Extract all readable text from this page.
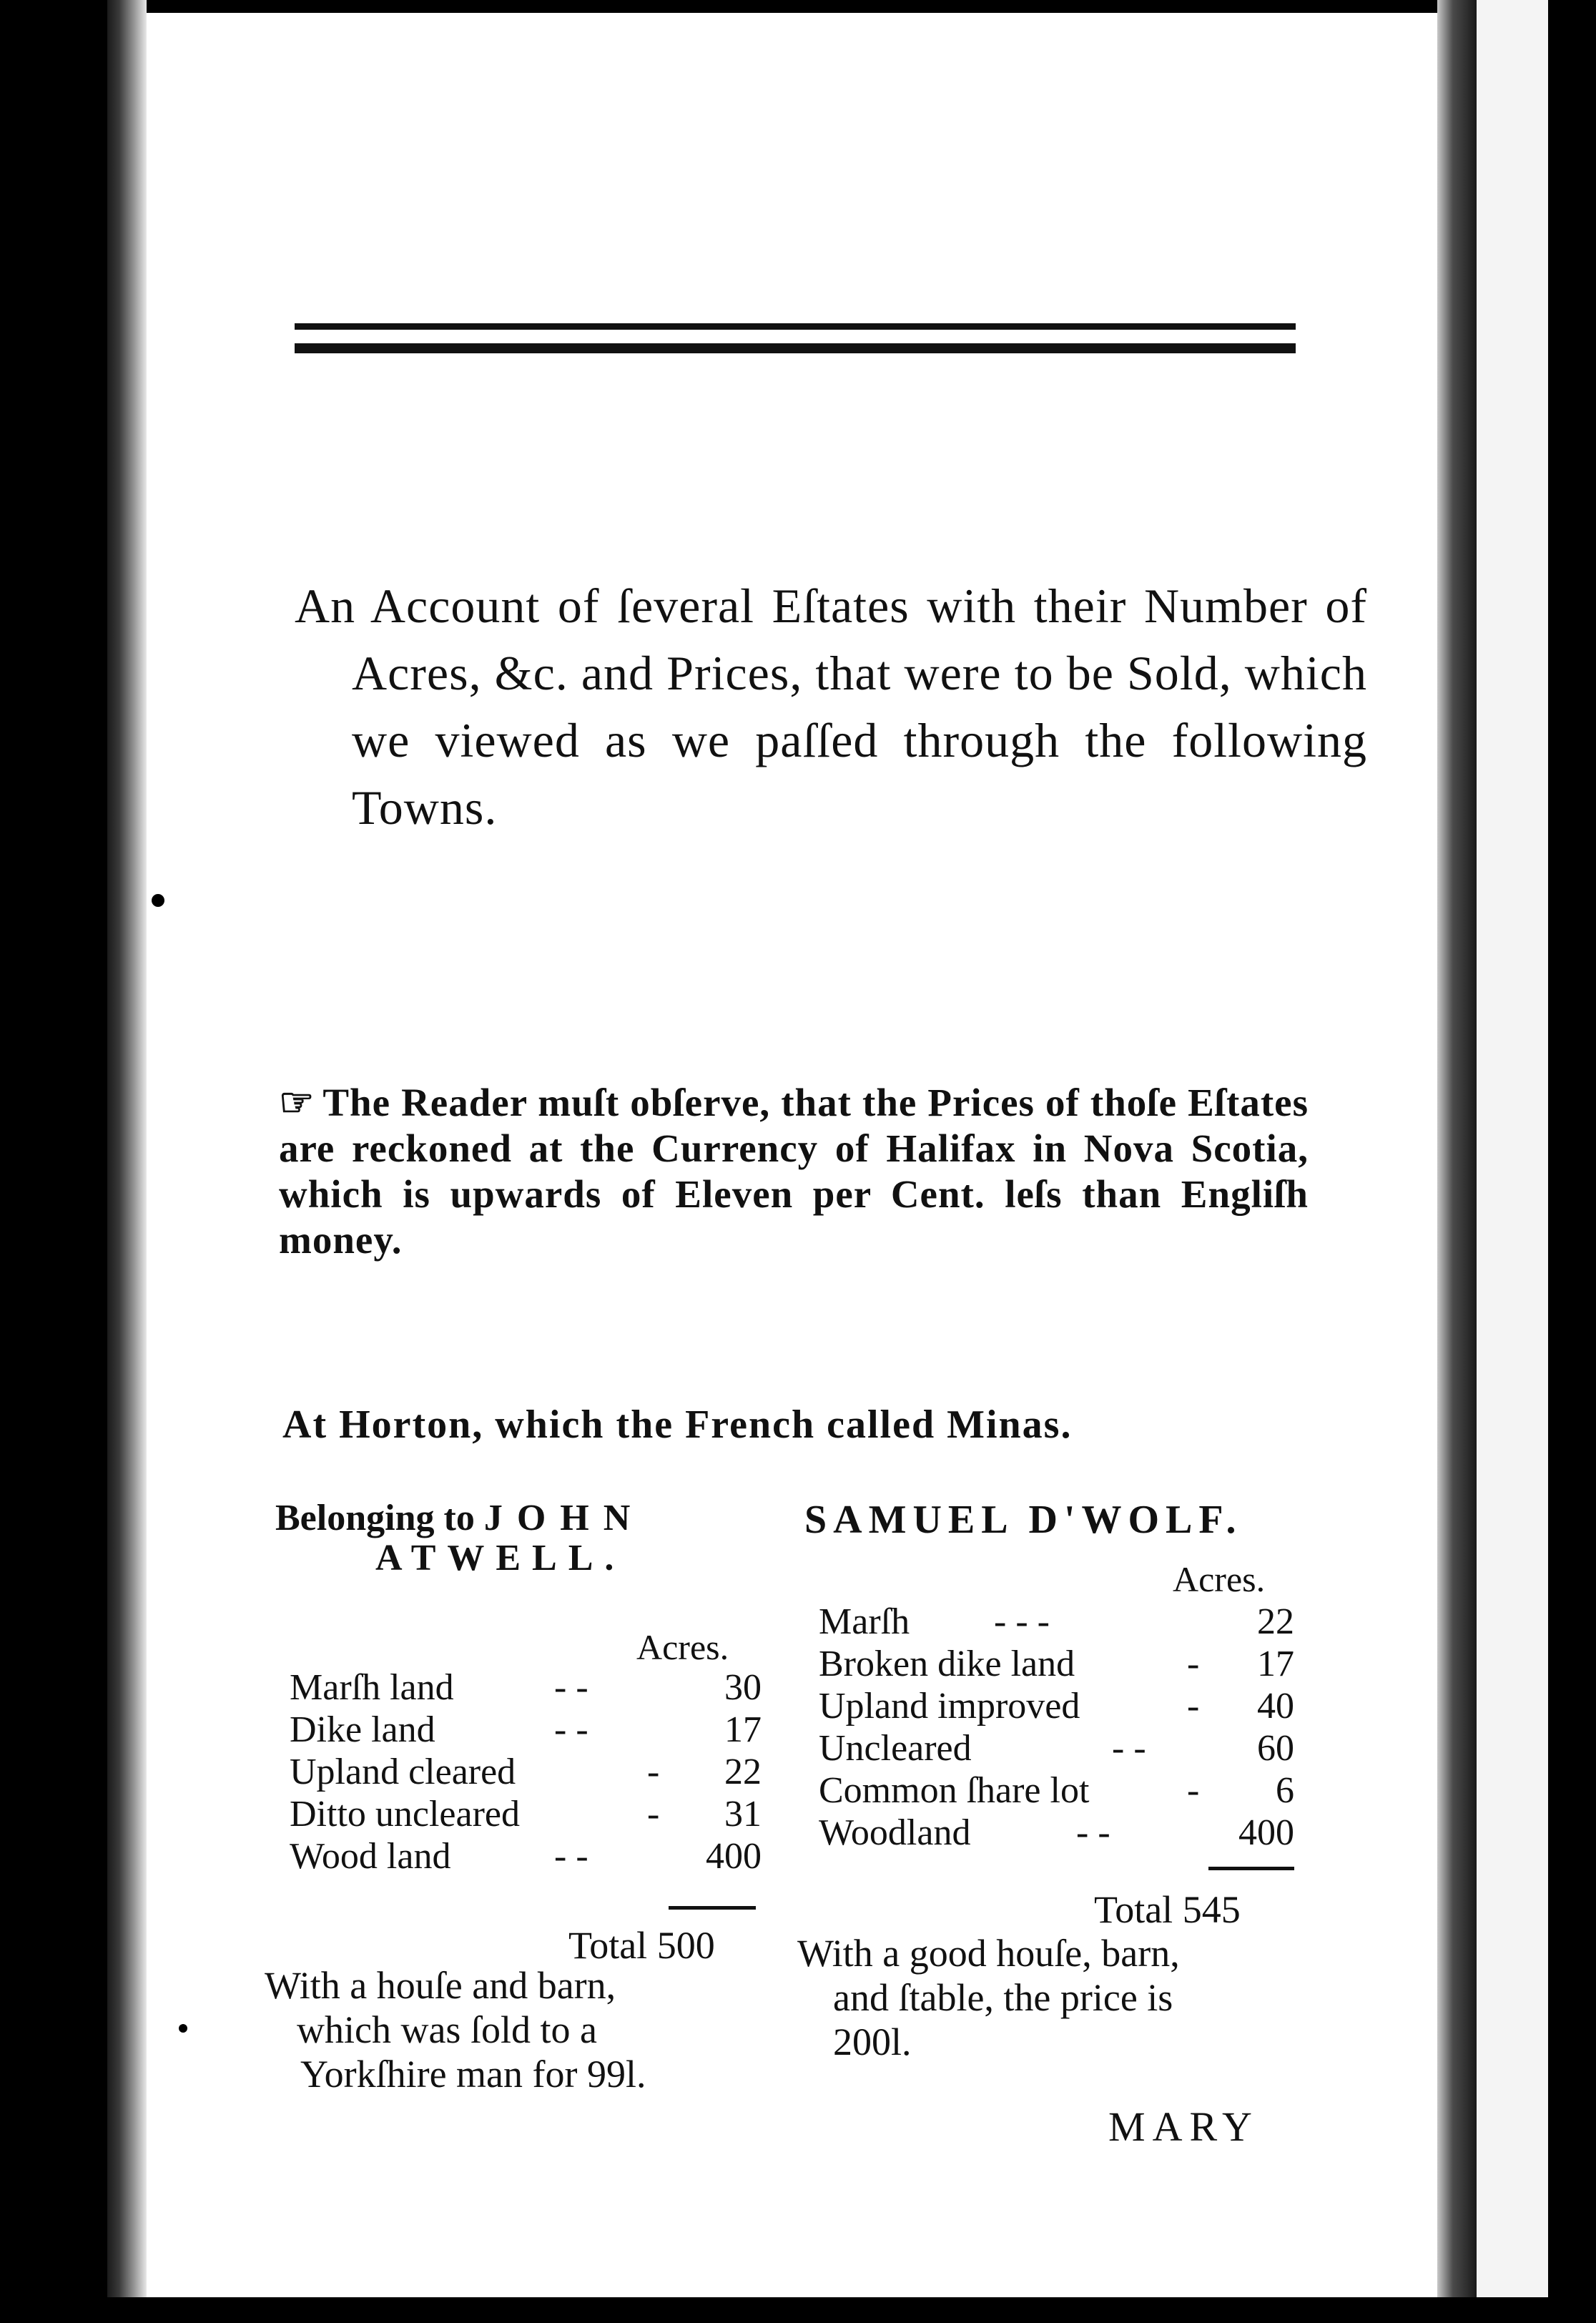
An Account of ſeveral Eſtates with their Number of Acres, &c. and Prices, that were to be Sold, which we viewed as we paſſed through the following Towns.
☞ The Reader muſt obſerve, that the Prices of thoſe Eſtates are reckoned at the Currency of Halifax in Nova Scotia, which is upwards of Eleven per Cent. leſs than Engliſh money.
At Horton, which the French called Minas.
Belonging to JOHN
ATWELL.
SAMUEL D'WOLF.
Acres.
Acres.
Marſh land	- -	30
Dike land	- -	17
Upland cleared	- 22
Ditto uncleared	- 31
Wood land	- -	400
Marſh - - -	22
Broken dike land	- 17
Upland improved	- 40
Uncleared	- -	60
Common ſhare lot	- 6
Woodland	- -	400
Total 500
Total 545
With a houſe and barn,
which was ſold to a
Yorkſhire man for 99l.
With a good houſe, barn,
and ſtable, the price is
200l.
MARY
